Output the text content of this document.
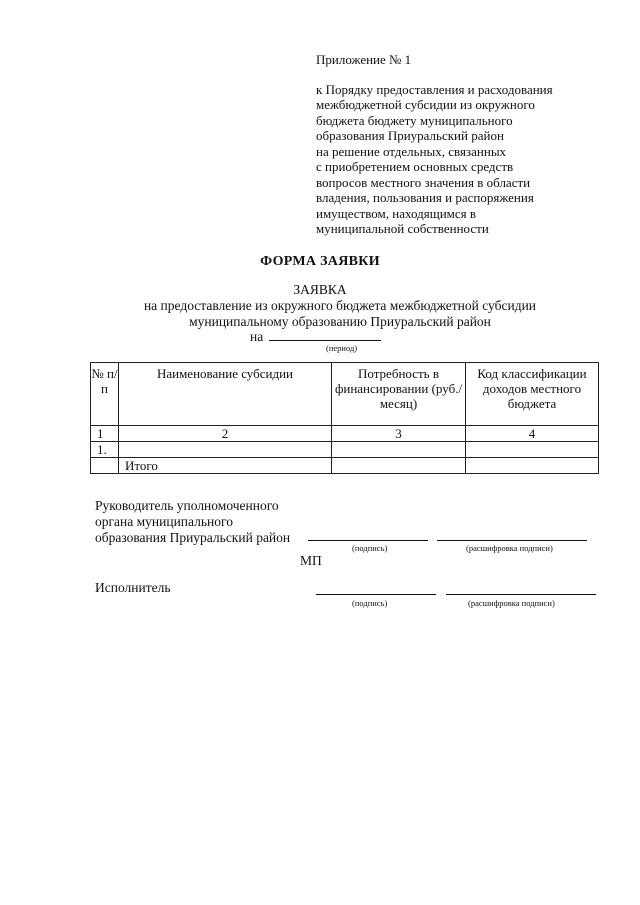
Приложение № 1
к Порядку предоставления и расходования
межбюджетной субсидии из окружного
бюджета бюджету муниципального
образования Приуральский район
на решение отдельных, связанных
с приобретением основных средств
вопросов местного значения в области
владения, пользования и распоряжения
имуществом, находящимся в
муниципальной собственности
ФОРМА ЗАЯВКИ
ЗАЯВКА
на предоставление из окружного бюджета межбюджетной субсидии
муниципальному образованию Приуральский район
на
(период)
№ п/п	Наименование субсидии	Потребность в финансировании (руб./месяц)	Код классификации доходов местного бюджета
1	2	3	4
1.			
	Итого		
Руководитель уполномоченного
органа муниципального
образования Приуральский район
(подпись)	(расшифровка подписи)
МП
Исполнитель
(подпись)	(расшифровка подписи)
